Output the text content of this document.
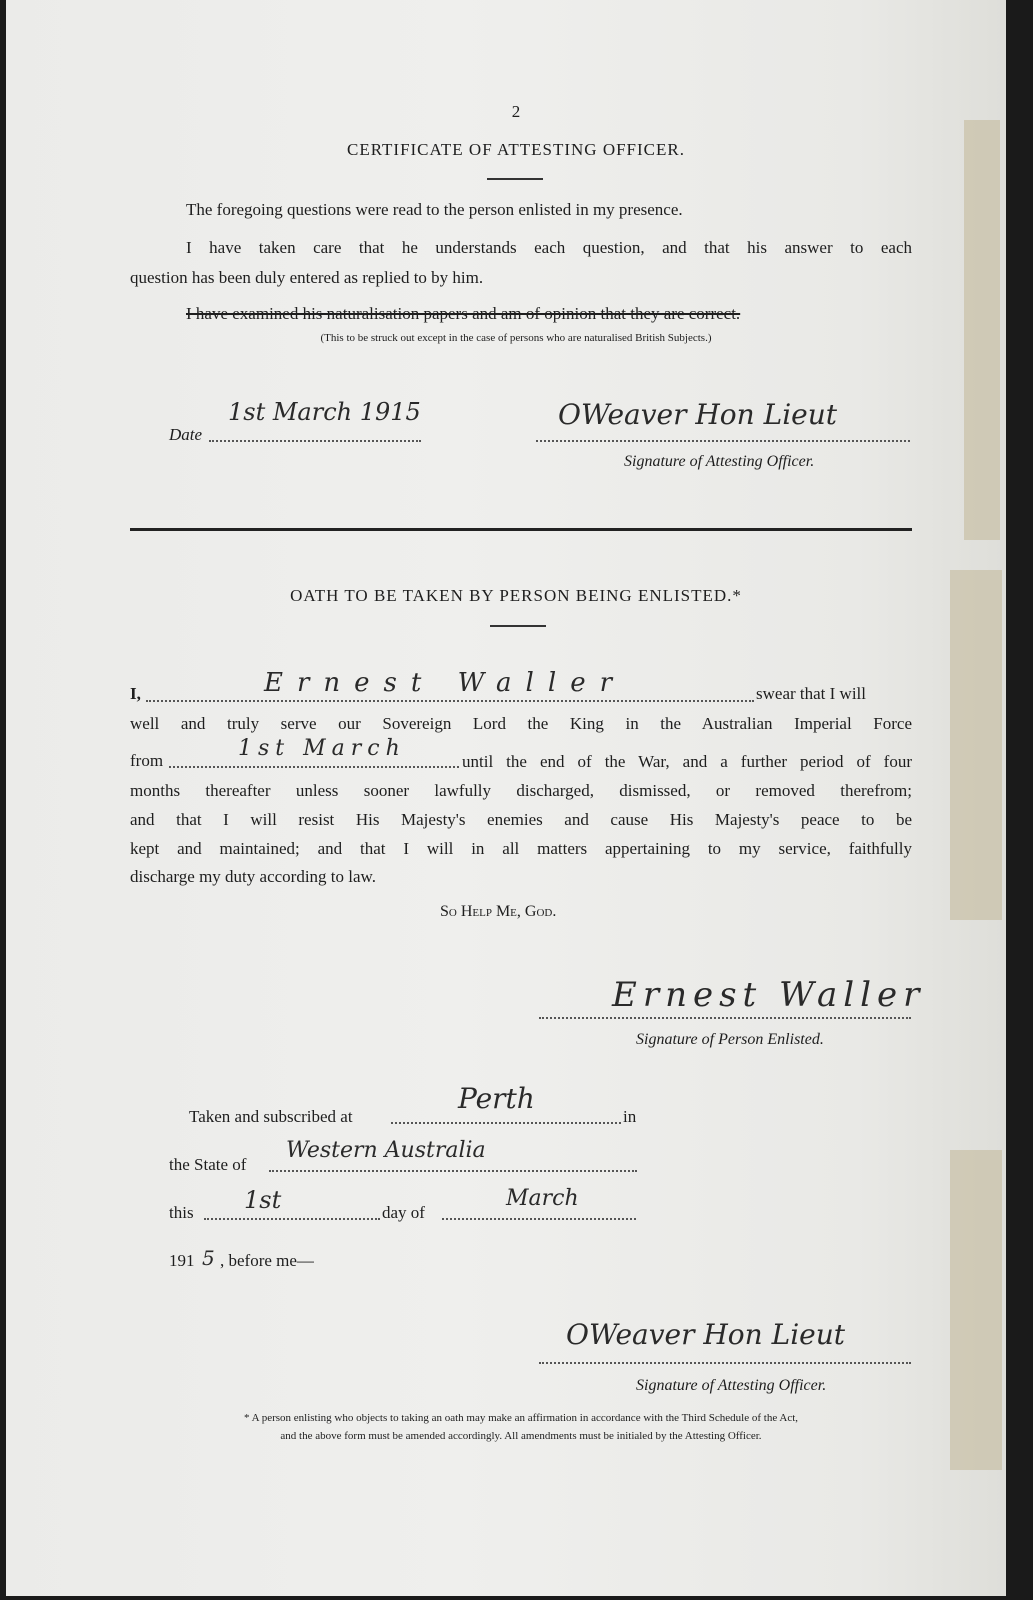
2
CERTIFICATE OF ATTESTING OFFICER.
The foregoing questions were read to the person enlisted in my presence.
I have taken care that he understands each question, and that his answer to each
question has been duly entered as replied to by him.
I have examined his naturalisation papers and am of opinion that they are correct.
(This to be struck out except in the case of persons who are naturalised British Subjects.)
Date
1st March 1915	OWeaver Hon Lieut
Signature of Attesting Officer.
OATH TO BE TAKEN BY PERSON BEING ENLISTED.*
I,	Ernest Waller	swear that I will
well and truly serve our Sovereign Lord the King in the Australian Imperial Force
from	1st March
until the end of the War, and a further period of four
months thereafter unless sooner lawfully discharged, dismissed, or removed therefrom;
and that I will resist His Majesty's enemies and cause His Majesty's peace to be
kept and maintained; and that I will in all matters appertaining to my service, faithfully
discharge my duty according to law.
So Help Me, God.
Ernest Waller
Signature of Person Enlisted.
Taken and subscribed at
Perth
in
the State of
Western Australia
this 1st	day of
March
191 5 , before me—
OWeaver Hon Lieut
Signature of Attesting Officer.
* A person enlisting who objects to taking an oath may make an affirmation in accordance with the Third Schedule of the Act,
and the above form must be amended accordingly. All amendments must be initialed by the Attesting Officer.
